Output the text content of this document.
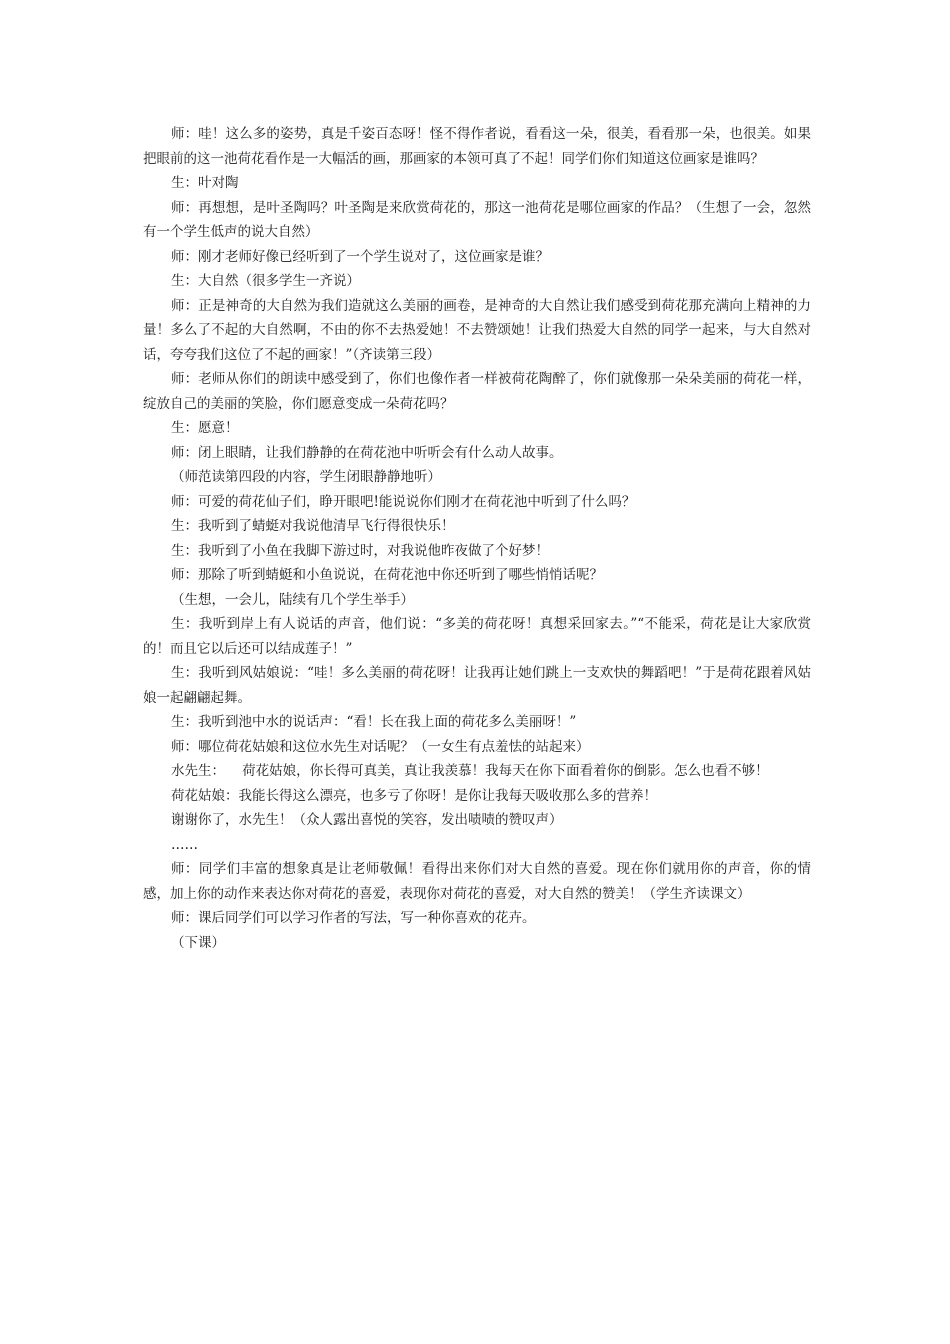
师：哇！这么多的姿势，真是千姿百态呀！怪不得作者说，看看这一朵，很美，看看那一朵，也很美。如果把眼前的这一池荷花看作是一大幅活的画，那画家的本领可真了不起！同学们你们知道这位画家是谁吗？

生：叶对陶

师：再想想，是叶圣陶吗？叶圣陶是来欣赏荷花的，那这一池荷花是哪位画家的作品？（生想了一会，忽然有一个学生低声的说大自然）

师：刚才老师好像已经听到了一个学生说对了，这位画家是谁？

生：大自然（很多学生一齐说）

师：正是神奇的大自然为我们造就这么美丽的画卷，是神奇的大自然让我们感受到荷花那充满向上精神的力量！多么了不起的大自然啊，不由的你不去热爱她！不去赞颂她！让我们热爱大自然的同学一起来，与大自然对话，夸夸我们这位了不起的画家！”（齐读第三段）

师：老师从你们的朗读中感受到了，你们也像作者一样被荷花陶醉了，你们就像那一朵朵美丽的荷花一样，绽放自己的美丽的笑脸，你们愿意变成一朵荷花吗？

生：愿意！

师：闭上眼睛，让我们静静的在荷花池中听听会有什么动人故事。

（师范读第四段的内容，学生闭眼静静地听）

师：可爱的荷花仙子们，睁开眼吧!能说说你们刚才在荷花池中听到了什么吗？

生：我听到了蜻蜓对我说他清早飞行得很快乐！

生：我听到了小鱼在我脚下游过时，对我说他昨夜做了个好梦！

师：那除了听到蜻蜓和小鱼说说，在荷花池中你还听到了哪些悄悄话呢？

（生想，一会儿，陆续有几个学生举手）

生：我听到岸上有人说话的声音，他们说：“多美的荷花呀！真想采回家去。”“不能采，荷花是让大家欣赏的！而且它以后还可以结成莲子！”

生：我听到风姑娘说：“哇！多么美丽的荷花呀！让我再让她们跳上一支欢快的舞蹈吧！”于是荷花跟着风姑娘一起翩翩起舞。

生：我听到池中水的说话声：“看！长在我上面的荷花多么美丽呀！”

师：哪位荷花姑娘和这位水先生对话呢？（一女生有点羞怯的站起来）

水先生：    荷花姑娘，你长得可真美，真让我羡慕！我每天在你下面看着你的倒影。怎么也看不够！

荷花姑娘：我能长得这么漂亮，也多亏了你呀！是你让我每天吸收那么多的营养！

谢谢你了，水先生！（众人露出喜悦的笑容，发出啧啧的赞叹声）

……

师：同学们丰富的想象真是让老师敬佩！看得出来你们对大自然的喜爱。现在你们就用你的声音，你的情感，加上你的动作来表达你对荷花的喜爱，表现你对荷花的喜爱，对大自然的赞美！（学生齐读课文）

师：课后同学们可以学习作者的写法，写一种你喜欢的花卉。

（下课）
